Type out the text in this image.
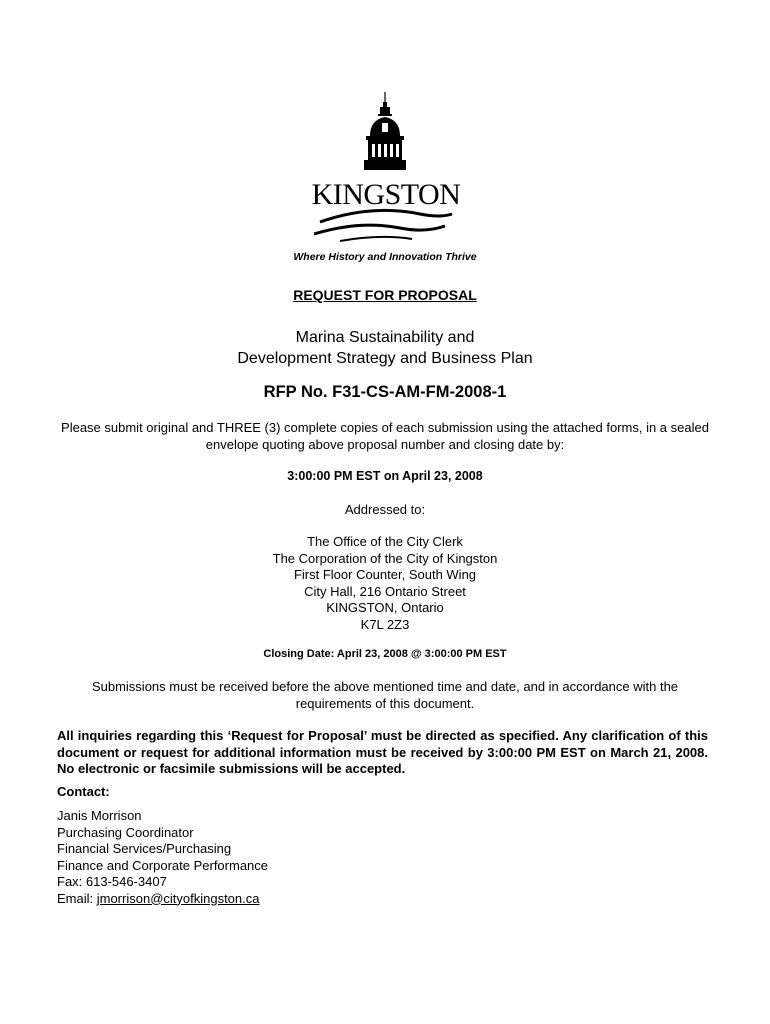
KINGSTON
Where History and Innovation Thrive
REQUEST FOR PROPOSAL
Marina Sustainability and
Development Strategy and Business Plan
RFP No. F31-CS-AM-FM-2008-1
Please submit original and THREE (3) complete copies of each submission using the attached forms, in a sealed envelope quoting above proposal number and closing date by:
3:00:00 PM EST on April 23, 2008
Addressed to:
The Office of the City Clerk
The Corporation of the City of Kingston
First Floor Counter, South Wing
City Hall, 216 Ontario Street
KINGSTON, Ontario
K7L 2Z3
Closing Date: April 23, 2008 @ 3:00:00 PM EST
Submissions must be received before the above mentioned time and date, and in accordance with the requirements of this document.
All inquiries regarding this ‘Request for Proposal’ must be directed as specified. Any clarification of this document or request for additional information must be received by 3:00:00 PM EST on March 21, 2008. No electronic or facsimile submissions will be accepted.
Contact:
Janis Morrison
Purchasing Coordinator
Financial Services/Purchasing
Finance and Corporate Performance
Fax: 613-546-3407
Email: jmorrison@cityofkingston.ca
